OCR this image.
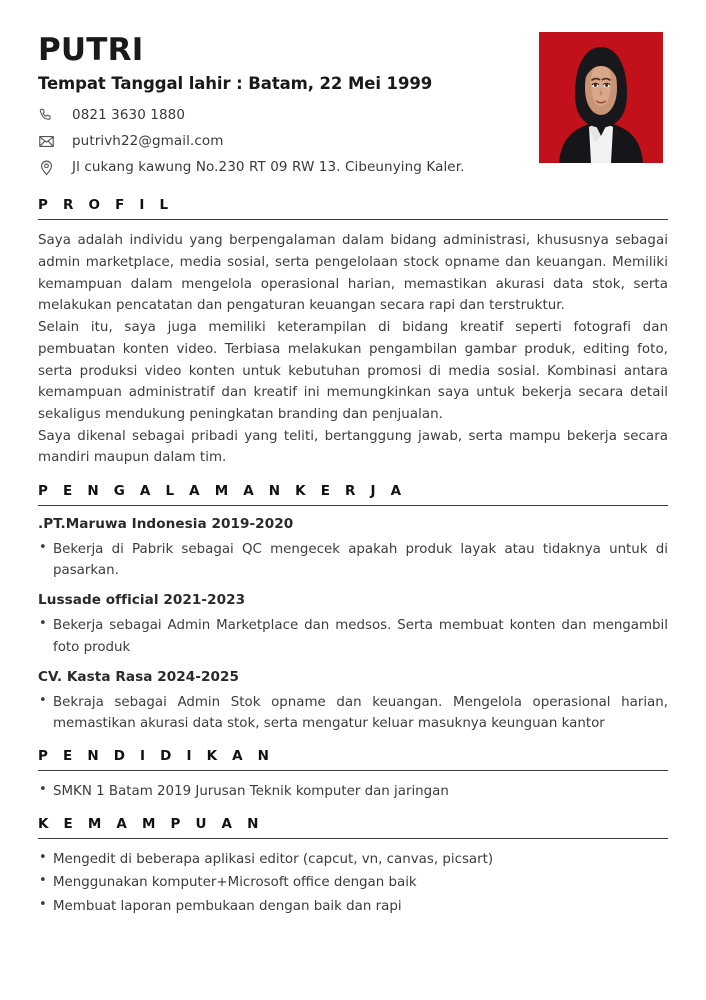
PUTRI
Tempat Tanggal lahir : Batam, 22 Mei 1999
0821 3630 1880
putrivh22@gmail.com
Jl cukang kawung No.230 RT 09 RW 13. Cibeunying Kaler.
P R O F I L

Saya adalah individu yang berpengalaman dalam bidang administrasi, khususnya sebagai admin marketplace, media sosial, serta pengelolaan stock opname dan keuangan. Memiliki kemampuan dalam mengelola operasional harian, memastikan akurasi data stok, serta melakukan pencatatan dan pengaturan keuangan secara rapi dan terstruktur.

Selain itu, saya juga memiliki keterampilan di bidang kreatif seperti fotografi dan pembuatan konten video. Terbiasa melakukan pengambilan gambar produk, editing foto, serta produksi video konten untuk kebutuhan promosi di media sosial. Kombinasi antara kemampuan administratif dan kreatif ini memungkinkan saya untuk bekerja secara detail sekaligus mendukung peningkatan branding dan penjualan.

Saya dikenal sebagai pribadi yang teliti, bertanggung jawab, serta mampu bekerja secara mandiri maupun dalam tim.

P E N G A L A M A N K E R J A
.PT.Maruwa Indonesia 2019-2020
• Bekerja di Pabrik sebagai QC mengecek apakah produk layak atau tidaknya untuk di pasarkan.
Lussade official 2021-2023
• Bekerja sebagai Admin Marketplace dan medsos. Serta membuat konten dan mengambil foto produk
CV. Kasta Rasa 2024-2025
• Bekraja sebagai Admin Stok opname dan keuangan. Mengelola operasional harian, memastikan akurasi data stok, serta mengatur keluar masuknya keunguan kantor
P E N D I D I K A N
• SMKN 1 Batam 2019 Jurusan Teknik komputer dan jaringan
K E M A M P U A N
• Mengedit di beberapa aplikasi editor (capcut, vn, canvas, picsart)
• Menggunakan komputer+Microsoft office dengan baik
• Membuat laporan pembukaan dengan baik dan rapi
